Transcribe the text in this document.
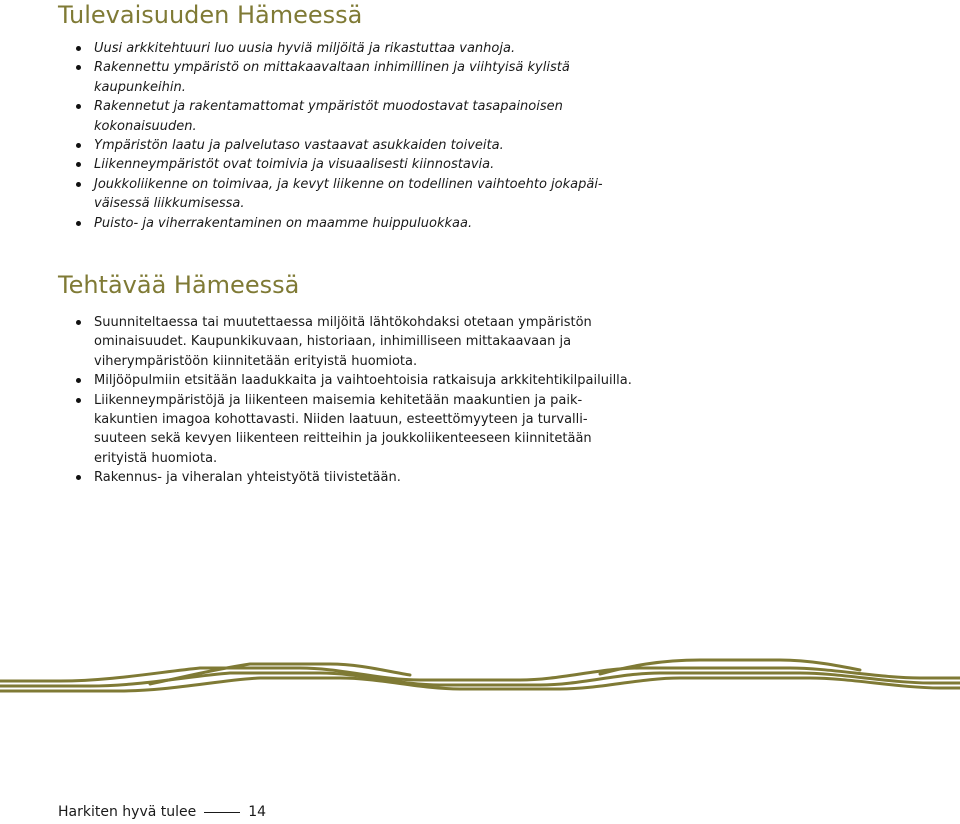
Tulevaisuuden Hämeessä
Uusi arkkitehtuuri luo uusia hyviä miljöitä ja rikastuttaa vanhoja.
Rakennettu ympäristö on mittakaavaltaan inhimillinen ja viihtyisä kylistä
kaupunkeihin.
Rakennetut ja rakentamattomat ympäristöt muodostavat tasapainoisen
kokonaisuuden.
Ympäristön laatu ja palvelutaso vastaavat asukkaiden toiveita.
Liikenneympäristöt ovat toimivia ja visuaalisesti kiinnostavia.
Joukkoliikenne on toimivaa, ja kevyt liikenne on todellinen vaihtoehto jokapäi-
väisessä liikkumisessa.
Puisto- ja viherrakentaminen on maamme huippuluokkaa.
Tehtävää Hämeessä
Suunniteltaessa tai muutettaessa miljöitä lähtökohdaksi otetaan ympäristön
ominaisuudet. Kaupunkikuvaan, historiaan, inhimilliseen mittakaavaan ja
viherympäristöön kiinnitetään erityistä huomiota.
Miljööpulmiin etsitään laadukkaita ja vaihtoehtoisia ratkaisuja arkkitehtikilpailuilla.
Liikenneympäristöjä ja liikenteen maisemia kehitetään maakuntien ja paik-
kakuntien imagoa kohottavasti. Niiden laatuun, esteettömyyteen ja turvalli-
suuteen sekä kevyen liikenteen reitteihin ja joukkoliikenteeseen kiinnitetään
erityistä huomiota.
Rakennus- ja viheralan yhteistyötä tiivistetään.
Harkiten hyvä tulee	14
